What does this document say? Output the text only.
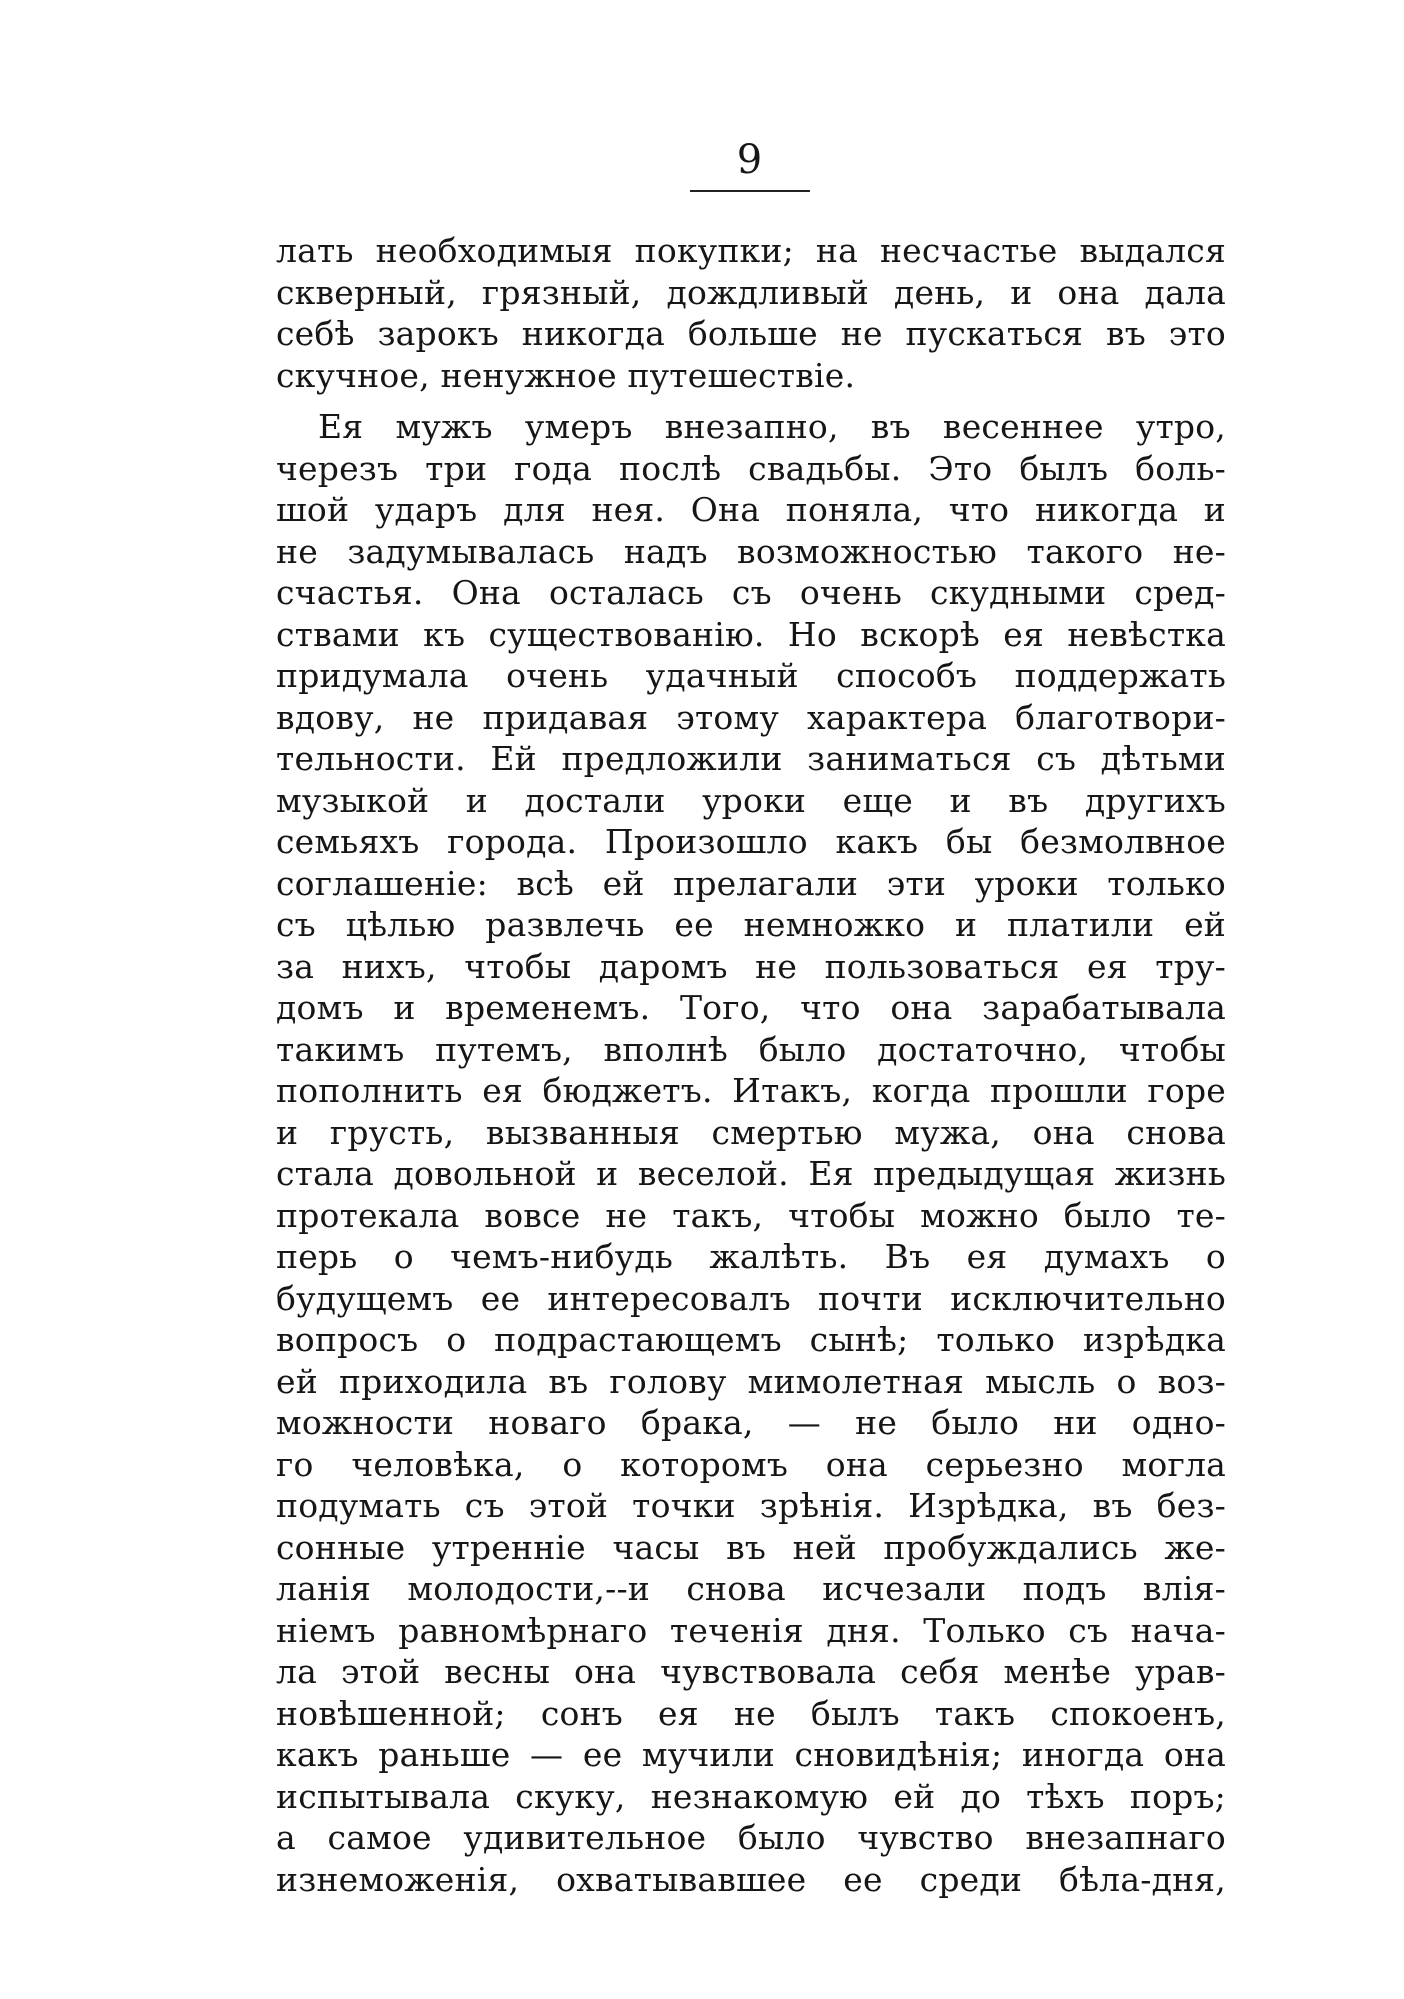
9
лать необходимыя покупки; на несчастье выдался
скверный, грязный, дождливый день, и она дала
себѣ зарокъ никогда больше не пускаться въ это
скучное, ненужное путешествіе.
Ея мужъ умеръ внезапно, въ весеннее утро,
черезъ три года послѣ свадьбы. Это былъ боль-
шой ударъ для нея. Она поняла, что никогда и
не задумывалась надъ возможностью такого не-
счастья. Она осталась съ очень скудными сред-
ствами къ существованію. Но вскорѣ ея невѣстка
придумала очень удачный способъ поддержать
вдову, не придавая этому характера благотвори-
тельности. Ей предложили заниматься съ дѣтьми
музыкой и достали уроки еще и въ другихъ
семьяхъ города. Произошло какъ бы безмолвное
соглашеніе: всѣ ей прелагали эти уроки только
съ цѣлью развлечь ее немножко и платили ей
за нихъ, чтобы даромъ не пользоваться ея тру-
домъ и временемъ. Того, что она зарабатывала
такимъ путемъ, вполнѣ было достаточно, чтобы
пополнить ея бюджетъ. Итакъ, когда прошли горе
и грусть, вызванныя смертью мужа, она снова
стала довольной и веселой. Ея предыдущая жизнь
протекала вовсе не такъ, чтобы можно было те-
перь о чемъ-нибудь жалѣть. Въ ея думахъ о
будущемъ ее интересовалъ почти исключительно
вопросъ о подрастающемъ сынѣ; только изрѣдка
ей приходила въ голову мимолетная мысль о воз-
можности новаго брака, — не было ни одно-
го человѣка, о которомъ она серьезно могла
подумать съ этой точки зрѣнія. Изрѣдка, въ без-
сонные утренніе часы въ ней пробуждались же-
ланія молодости,--и снова исчезали подъ влія-
ніемъ равномѣрнаго теченія дня. Только съ нача-
ла этой весны она чувствовала себя менѣе урав-
новѣшенной; сонъ ея не былъ такъ спокоенъ,
какъ раньше — ее мучили сновидѣнія; иногда она
испытывала скуку, незнакомую ей до тѣхъ поръ;
а самое удивительное было чувство внезапнаго
изнеможенія, охватывавшее ее среди бѣла-дня,
